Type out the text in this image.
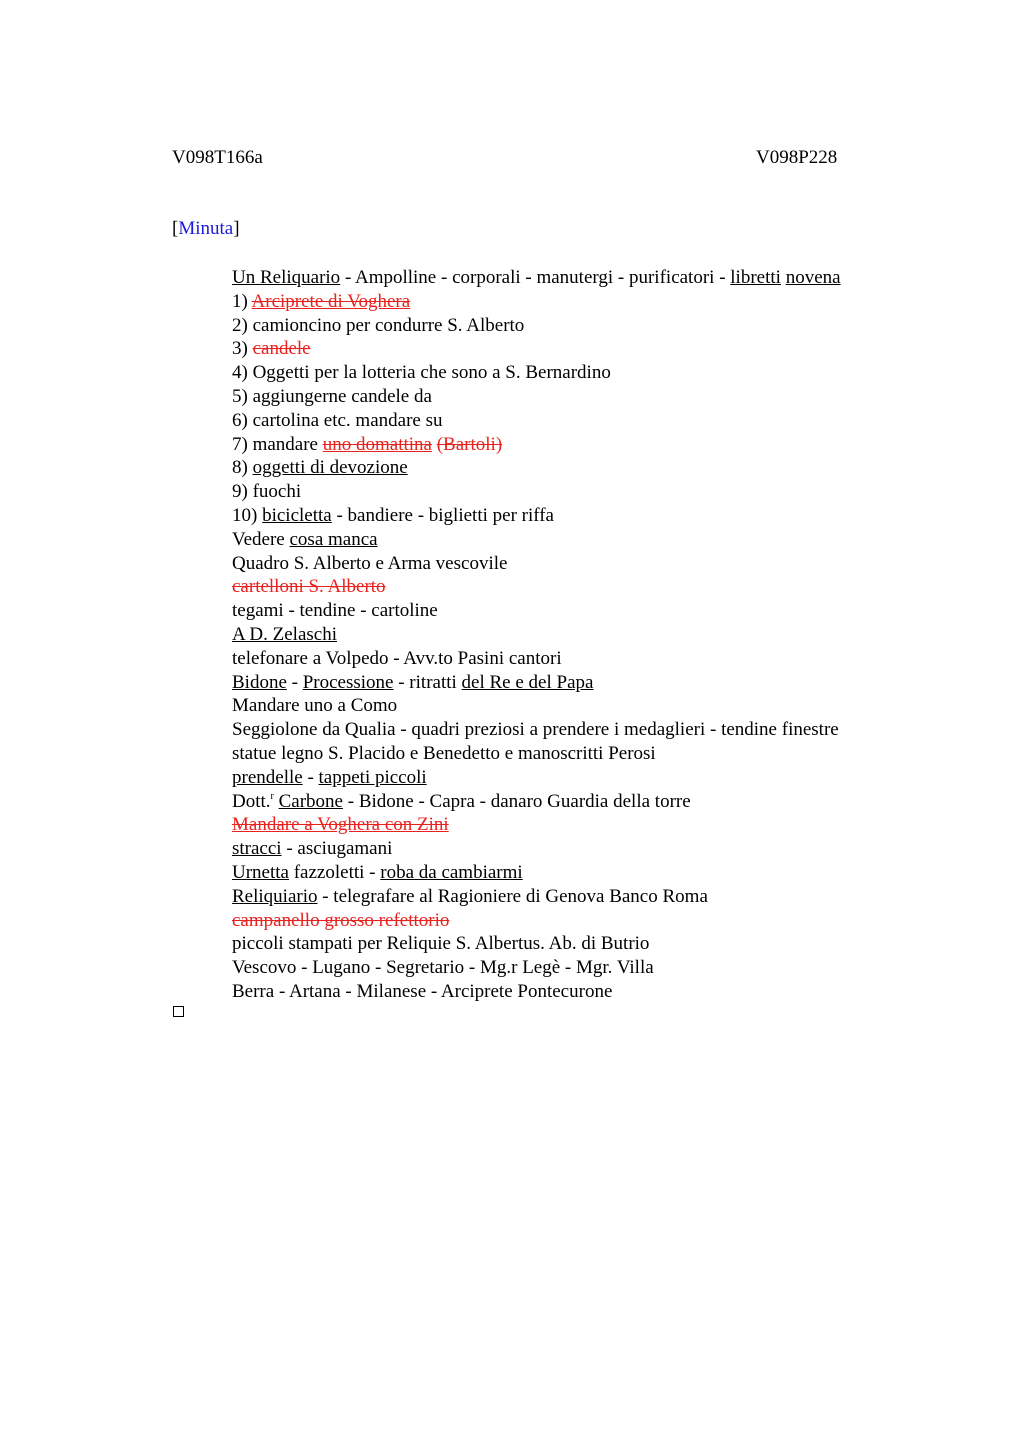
V098T166a	V098P228
[Minuta]
Un Reliquario - Ampolline - corporali - manutergi - purificatori - libretti novena
1) Arciprete di Voghera
2) camioncino per condurre S. Alberto
3) candele
4) Oggetti per la lotteria che sono a S. Bernardino
5) aggiungerne candele da
6) cartolina etc. mandare su
7) mandare uno domattina (Bartoli)
8) oggetti di devozione
9) fuochi
10) bicicletta - bandiere - biglietti per riffa
Vedere cosa manca
Quadro S. Alberto e Arma vescovile
cartelloni S. Alberto
tegami - tendine - cartoline
A D. Zelaschi
telefonare a Volpedo - Avv.to Pasini cantori
Bidone - Processione - ritratti del Re e del Papa
Mandare uno a Como
Seggiolone da Qualia - quadri preziosi a prendere i medaglieri - tendine finestre
statue legno S. Placido e Benedetto e manoscritti Perosi
prendelle - tappeti piccoli
Dott.$^r$ Carbone - Bidone - Capra - danaro Guardia della torre
Mandare a Voghera con Zini
stracci - asciugamani
Urnetta fazzoletti - roba da cambiarmi
Reliquiario - telegrafare al Ragioniere di Genova Banco Roma
campanello grosso refettorio
piccoli stampati per Reliquie S. Albertus. Ab. di Butrio
Vescovo - Lugano - Segretario - Mg.r Legè - Mgr. Villa
Berra - Artana - Milanese - Arciprete Pontecurone
